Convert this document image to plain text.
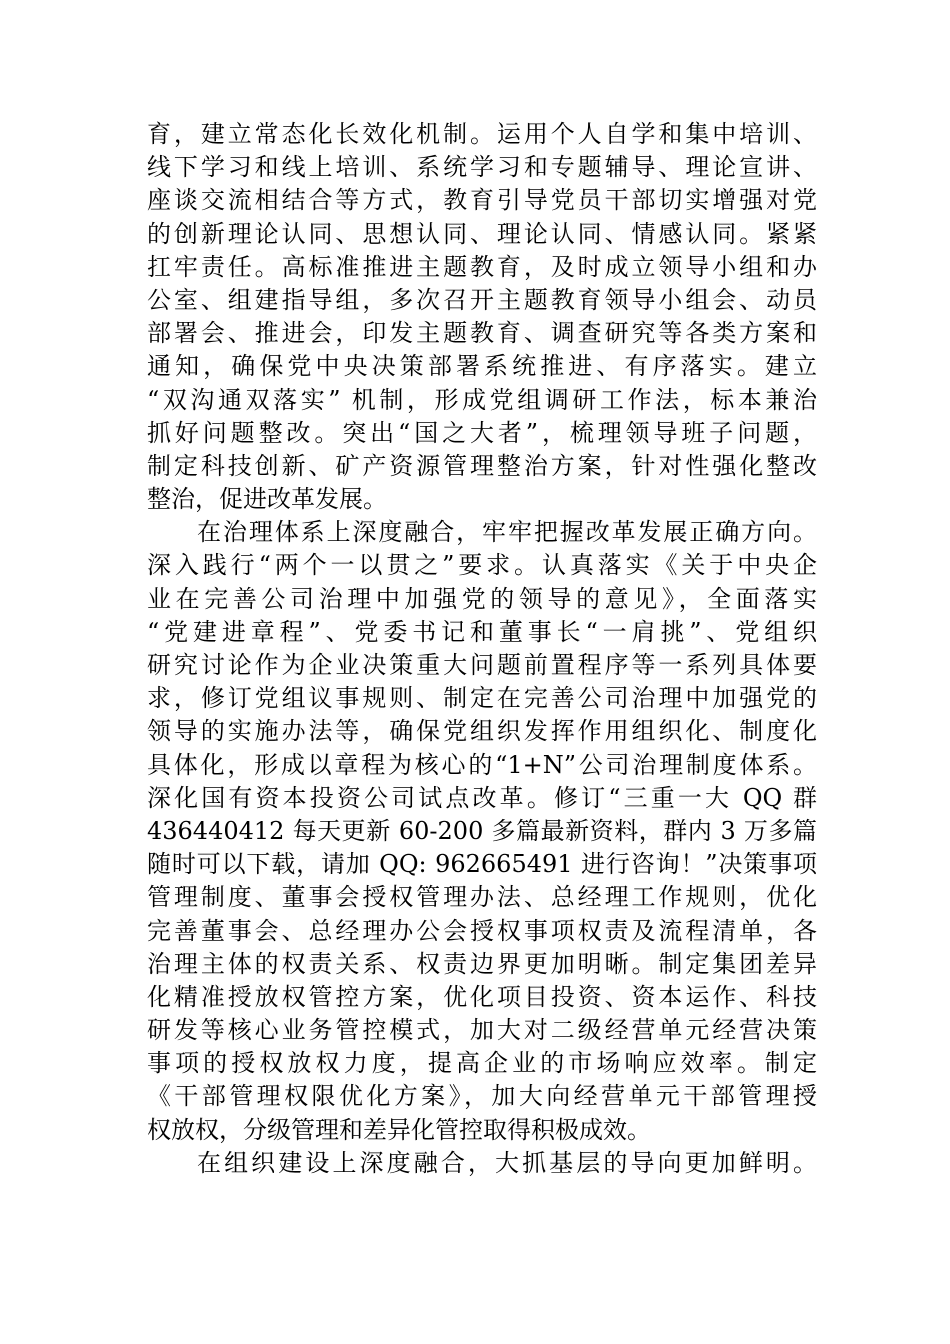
育，建立常态化长效化机制。运用个人自学和集中培训、
线下学习和线上培训、系统学习和专题辅导、理论宣讲、
座谈交流相结合等方式，教育引导党员干部切实增强对党
的创新理论认同、思想认同、理论认同、情感认同。紧紧
扛牢责任。高标准推进主题教育，及时成立领导小组和办
公室、组建指导组，多次召开主题教育领导小组会、动员
部署会、推进会，印发主题教育、调查研究等各类方案和
通知，确保党中央决策部署系统推进、有序落实。建立
“双沟通双落实” 机制，形成党组调研工作法，标本兼治
抓好问题整改。突出“国之大者”，梳理领导班子问题，
制定科技创新、矿产资源管理整治方案，针对性强化整改
整治，促进改革发展。
在治理体系上深度融合，牢牢把握改革发展正确方向。
深入践行“两个一以贯之”要求。认真落实《关于中央企
业在完善公司治理中加强党的领导的意见》，全面落实
“党建进章程”、党委书记和董事长“一肩挑”、党组织
研究讨论作为企业决策重大问题前置程序等一系列具体要
求，修订党组议事规则、制定在完善公司治理中加强党的
领导的实施办法等，确保党组织发挥作用组织化、制度化
具体化，形成以章程为核心的“1+N”公司治理制度体系。
深化国有资本投资公司试点改革。修订“三重一大 QQ 群
436440412 每天更新 60-200 多篇最新资料，群内 3 万多篇
随时可以下载，请加 QQ: 962665491 进行咨询！”决策事项
管理制度、董事会授权管理办法、总经理工作规则，优化
完善董事会、总经理办公会授权事项权责及流程清单，各
治理主体的权责关系、权责边界更加明晰。制定集团差异
化精准授放权管控方案，优化项目投资、资本运作、科技
研发等核心业务管控模式，加大对二级经营单元经营决策
事项的授权放权力度，提高企业的市场响应效率。制定
《干部管理权限优化方案》，加大向经营单元干部管理授
权放权，分级管理和差异化管控取得积极成效。
在组织建设上深度融合，大抓基层的导向更加鲜明。
